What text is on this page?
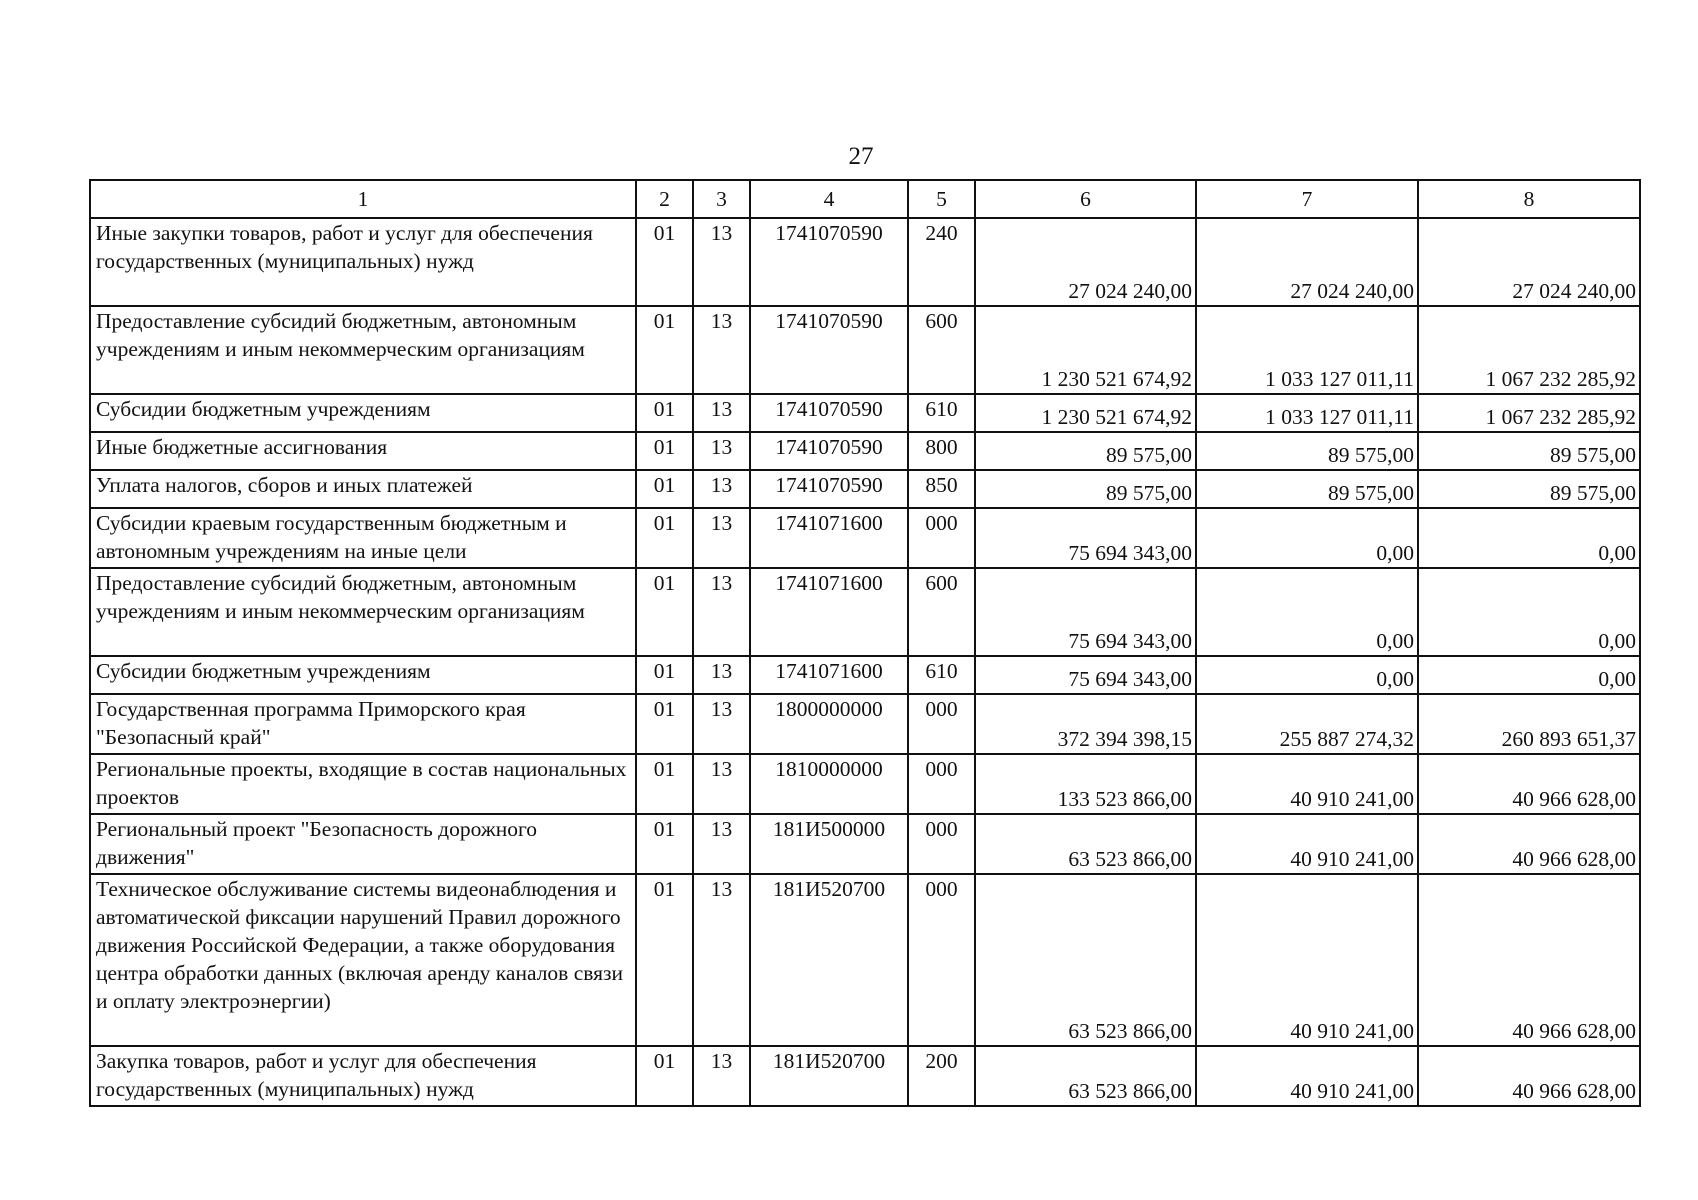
27
1	2	3	4	5	6	7	8
Иные закупки товаров, работ и услуг для обеспечения государственных (муниципальных) нужд	01	13	1741070590	240	27 024 240,00	27 024 240,00	27 024 240,00
Предоставление субсидий бюджетным, автономным учреждениям и иным некоммерческим организациям	01	13	1741070590	600	1 230 521 674,92	1 033 127 011,11	1 067 232 285,92
Субсидии бюджетным учреждениям	01	13	1741070590	610	1 230 521 674,92	1 033 127 011,11	1 067 232 285,92
Иные бюджетные ассигнования	01	13	1741070590	800	89 575,00	89 575,00	89 575,00
Уплата налогов, сборов и иных платежей	01	13	1741070590	850	89 575,00	89 575,00	89 575,00
Субсидии краевым государственным бюджетным и автономным учреждениям на иные цели	01	13	1741071600	000	75 694 343,00	0,00	0,00
Предоставление субсидий бюджетным, автономным учреждениям и иным некоммерческим организациям	01	13	1741071600	600	75 694 343,00	0,00	0,00
Субсидии бюджетным учреждениям	01	13	1741071600	610	75 694 343,00	0,00	0,00
Государственная программа Приморского края "Безопасный край"	01	13	1800000000	000	372 394 398,15	255 887 274,32	260 893 651,37
Региональные проекты, входящие в состав национальных проектов	01	13	1810000000	000	133 523 866,00	40 910 241,00	40 966 628,00
Региональный проект "Безопасность дорожного движения"	01	13	181И500000	000	63 523 866,00	40 910 241,00	40 966 628,00
Техническое обслуживание системы видеонаблюдения и автоматической фиксации нарушений Правил дорожного движения Российской Федерации, а также оборудования центра обработки данных (включая аренду каналов связи и оплату электроэнергии)	01	13	181И520700	000	63 523 866,00	40 910 241,00	40 966 628,00
Закупка товаров, работ и услуг для обеспечения государственных (муниципальных) нужд	01	13	181И520700	200	63 523 866,00	40 910 241,00	40 966 628,00
